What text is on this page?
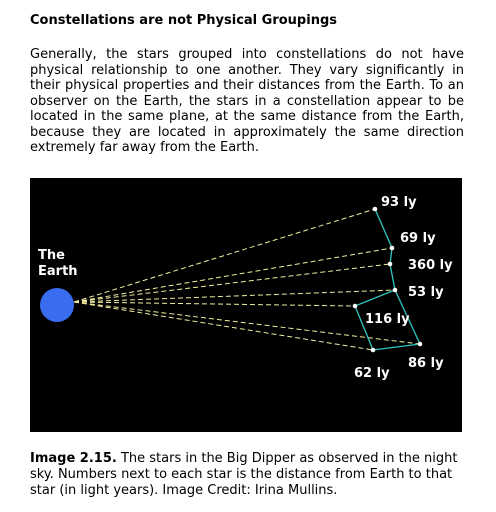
Constellations are not Physical Groupings

Generally, the stars grouped into constellations do not have physical relationship to one another. They vary significantly in their physical properties and their distances from the Earth. To an observer on the Earth, the stars in a constellation appear to be located in the same plane, at the same distance from the Earth, because they are located in approximately the same direction extremely far away from the Earth.

The
Earth
93 ly
69 ly
360 ly
53 ly
116 ly
86 ly
62 ly

Image 2.15. The stars in the Big Dipper as observed in the night sky. Numbers next to each star is the distance from Earth to that star (in light years). Image Credit: Irina Mullins.
